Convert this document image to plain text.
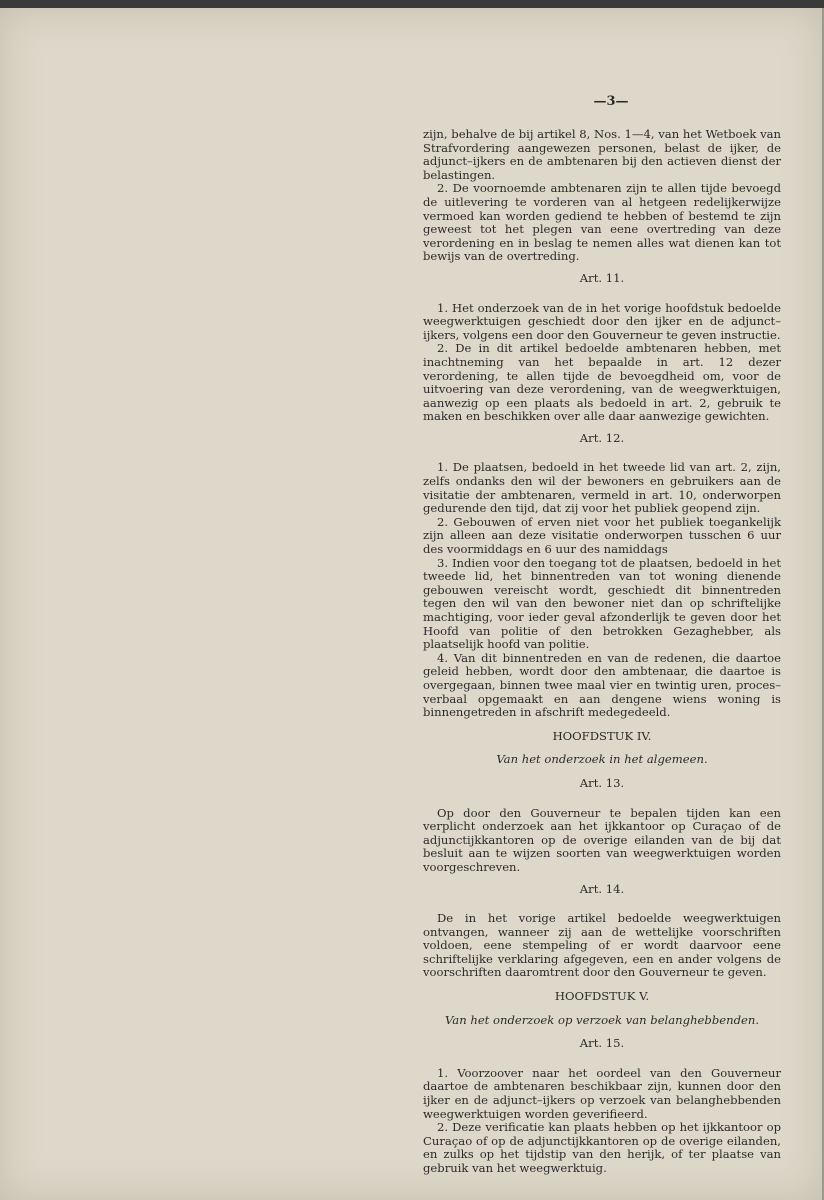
—3—

zijn, behalve de bij artikel 8, Nos. 1—4, van het Wetboek van Strafvordering aangewezen personen, belast de ijker, de adjunct–ijkers en de ambtenaren bij den actieven dienst der belastingen.

2. De voornoemde ambtenaren zijn te allen tijde bevoegd de uitlevering te vorderen van al hetgeen redelijkerwijze vermoed kan worden gediend te hebben of bestemd te zijn geweest tot het plegen van eene overtreding van deze verordening en in beslag te nemen alles wat dienen kan tot bewijs van de overtreding.

Art. 11.

1. Het onderzoek van de in het vorige hoofdstuk bedoelde weegwerktuigen geschiedt door den ijker en de adjunct–ijkers, volgens een door den Gouverneur te geven instructie.

2. De in dit artikel bedoelde ambtenaren hebben, met inachtneming van het bepaalde in art. 12 dezer verordening, te allen tijde de bevoegdheid om, voor de uitvoering van deze verordening, van de weegwerktuigen, aanwezig op een plaats als bedoeld in art. 2, gebruik te maken en beschikken over alle daar aanwezige gewichten.

Art. 12.

1. De plaatsen, bedoeld in het tweede lid van art. 2, zijn, zelfs ondanks den wil der bewoners en gebruikers aan de visitatie der ambtenaren, vermeld in art. 10, onderworpen gedurende den tijd, dat zij voor het publiek geopend zijn.

2. Gebouwen of erven niet voor het publiek toegankelijk zijn alleen aan deze visitatie onderworpen tusschen 6 uur des voormiddags en 6 uur des namiddags

3. Indien voor den toegang tot de plaatsen, bedoeld in het tweede lid, het binnentreden van tot woning dienende gebouwen vereischt wordt, geschiedt dit binnentreden tegen den wil van den bewoner niet dan op schriftelijke machtiging, voor ieder geval afzonderlijk te geven door het Hoofd van politie of den betrokken Gezaghebber, als plaatselijk hoofd van politie.

4. Van dit binnentreden en van de redenen, die daartoe geleid hebben, wordt door den ambtenaar, die daartoe is overgegaan, binnen twee maal vier en twintig uren, proces–verbaal opgemaakt en aan dengene wiens woning is binnengetreden in afschrift medegedeeld.

HOOFDSTUK IV.
Van het onderzoek in het algemeen.
Art. 13.

Op door den Gouverneur te bepalen tijden kan een verplicht onderzoek aan het ijkkantoor op Curaçao of de adjunctijkkantoren op de overige eilanden van de bij dat besluit aan te wijzen soorten van weegwerktuigen worden voorgeschreven.

Art. 14.

De in het vorige artikel bedoelde weegwerktuigen ontvangen, wanneer zij aan de wettelijke voorschriften voldoen, eene stempeling of er wordt daarvoor eene schriftelijke verklaring afgegeven, een en ander volgens de voorschriften daaromtrent door den Gouverneur te geven.

HOOFDSTUK V.
Van het onderzoek op verzoek van belanghebbenden.
Art. 15.

1. Voorzoover naar het oordeel van den Gouverneur daartoe de ambtenaren beschikbaar zijn, kunnen door den ijker en de adjunct–ijkers op verzoek van belanghebbenden weegwerktuigen worden geverifieerd.

2. Deze verificatie kan plaats hebben op het ijkkantoor op Curaçao of op de adjunctijkkantoren op de overige eilanden, en zulks op het tijdstip van den herijk, of ter plaatse van gebruik van het weegwerktuig.
